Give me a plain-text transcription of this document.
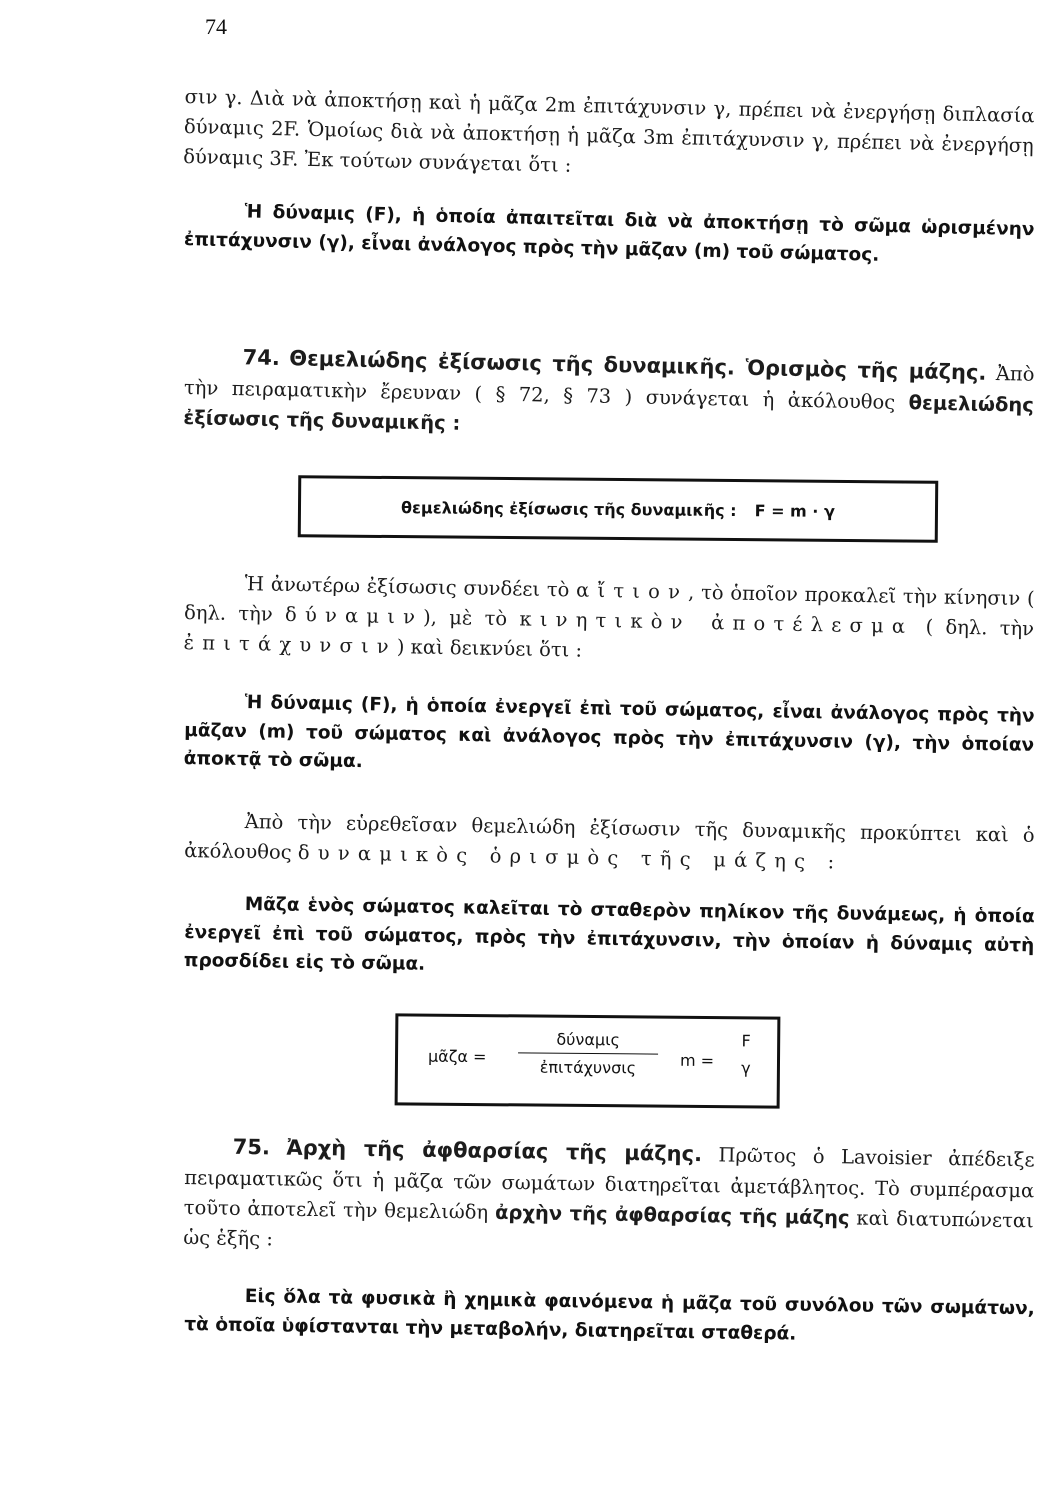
74
σιν γ. Διὰ νὰ ἀποκτήσῃ καὶ ἡ μᾶζα 2m ἐπιτάχυνσιν γ, πρέπει νὰ ἐνεργήσῃ διπλασία δύναμις 2F. Ὁμοίως διὰ νὰ ἀποκτήσῃ ἡ μᾶζα 3m ἐπιτάχυνσιν γ, πρέπει νὰ ἐνεργήσῃ δύναμις 3F. Ἐκ τούτων συνάγεται ὅτι :
Ἡ δύναμις (F), ἡ ὁποία ἀπαιτεῖται διὰ νὰ ἀποκτήσῃ τὸ σῶμα ὡρισμένην ἐπιτάχυνσιν (γ), εἶναι ἀνάλογος πρὸς τὴν μᾶζαν (m) τοῦ σώματος.
74. Θεμελιώδης ἐξίσωσις τῆς δυναμικῆς. Ὁρισμὸς τῆς μάζης. Ἀπὸ τὴν πειραματικὴν ἔρευναν ( § 72, § 73 ) συνάγεται ἡ ἀκόλουθος θεμελιώδης ἐξίσωσις τῆς δυναμικῆς :
θεμελιώδης ἐξίσωσις τῆς δυναμικῆς : F = m · γ
Ἡ ἀνωτέρω ἐξίσωσις συνδέει τὸ αἴτιον, τὸ ὁποῖον προκαλεῖ τὴν κίνησιν ( δηλ. τὴν δύναμιν), μὲ τὸ κινητικὸν ἀποτέλεσμα ( δηλ. τὴν ἐπιτάχυνσιν) καὶ δεικνύει ὅτι :
Ἡ δύναμις (F), ἡ ὁποία ἐνεργεῖ ἐπὶ τοῦ σώματος, εἶναι ἀνάλογος πρὸς τὴν μᾶζαν (m) τοῦ σώματος καὶ ἀνάλογος πρὸς τὴν ἐπιτάχυνσιν (γ), τὴν ὁποίαν ἀποκτᾷ τὸ σῶμα.
Ἀπὸ τὴν εὑρεθεῖσαν θεμελιώδη ἐξίσωσιν τῆς δυναμικῆς προκύπτει καὶ ὁ ἀκόλουθος δυναμικὸς ὁρισμὸς τῆς μάζης :
Μᾶζα ἑνὸς σώματος καλεῖται τὸ σταθερὸν πηλίκον τῆς δυνάμεως, ἡ ὁποία ἐνεργεῖ ἐπὶ τοῦ σώματος, πρὸς τὴν ἐπιτάχυνσιν, τὴν ὁποίαν ἡ δύναμις αὐτὴ προσδίδει εἰς τὸ σῶμα.
μᾶζα =
δύναμις
ἐπιτάχυνσις	m =
F
γ
75. Ἀρχὴ τῆς ἀφθαρσίας τῆς μάζης. Πρῶτος ὁ Lavoisier ἀπέδειξε πειραματικῶς ὅτι ἡ μᾶζα τῶν σωμάτων διατηρεῖται ἀμετάβλητος. Τὸ συμπέρασμα τοῦτο ἀποτελεῖ τὴν θεμελιώδη ἀρχὴν τῆς ἀφθαρσίας τῆς μάζης καὶ διατυπώνεται ὡς ἑξῆς :
Εἰς ὅλα τὰ φυσικὰ ἢ χημικὰ φαινόμενα ἡ μᾶζα τοῦ συνόλου τῶν σωμάτων, τὰ ὁποῖα ὑφίστανται τὴν μεταβολήν, διατηρεῖται σταθερά.
